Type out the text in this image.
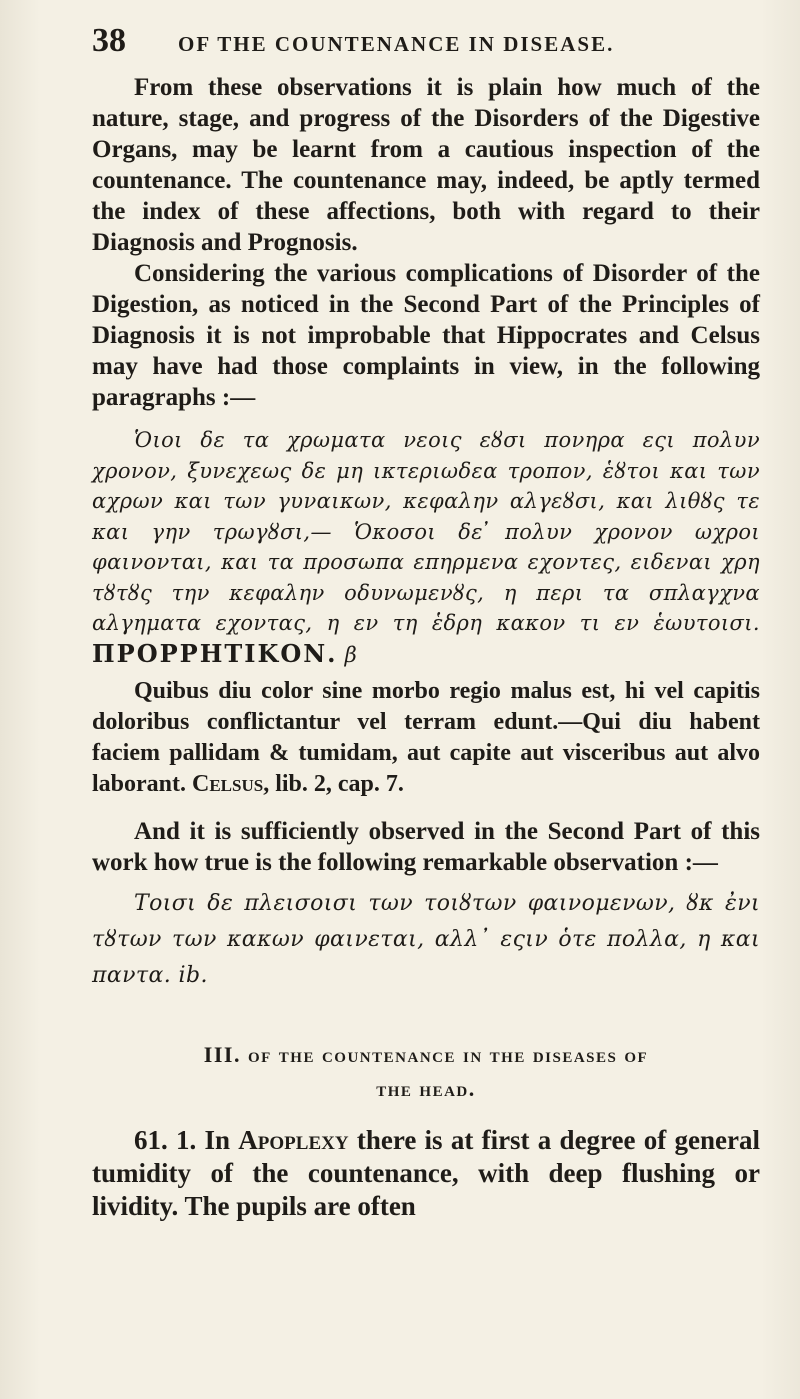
38	OF THE COUNTENANCE IN DISEASE.

From these observations it is plain how much of the nature, stage, and progress of the Disorders of the Digestive Organs, may be learnt from a cautious inspection of the countenance. The countenance may, indeed, be aptly termed the index of these affections, both with regard to their Diagnosis and Prognosis.

Considering the various complications of Disorder of the Digestion, as noticed in the Second Part of the Principles of Diagnosis it is not improbable that Hippocrates and Celsus may have had those complaints in view, in the following paragraphs :—

Ὁιοι δε τα χρωματα νεοις εȣσι πονηρα εςι πολυν χρονον, ξυνεχεως δε μη ικτεριωδεα τροπον, ἑȣτοι και των αχρων και των γυναικων, κεφαλην αλγεȣσι, και λιθȣς τε και γην τρωγȣσι,— Ὁκοσοι δε ̓πολυν χρονον ωχροι φαινονται, και τα προσωπα επηρμενα εχοντες, ειδεναι χρη τȣτȣς την κεφαλην οδυνωμενȣς, η περι τα σπλαγχνα αλγηματα εχοντας, η εν τη ἑδρη κακον τι εν ἑωυτοισι. ΠΡΟΡΡΗΤΙΚΟΝ. β

Quibus diu color sine morbo regio malus est, hi vel capitis doloribus conflictantur vel terram edunt.—Qui diu habent faciem pallidam & tumidam, aut capite aut visceribus aut alvo laborant. Celsus, lib. 2, cap. 7.

And it is sufficiently observed in the Second Part of this work how true is the following remarkable observation :—

Τοισι δε πλεισοισι των τοιȣτων φαινομενων, ȣκ ἐνι τȣτων των κακων φαινεται, αλλ᾽ εςιν ὁτε πολλα, η και παντα. ib.

III. of the countenance in the diseases of

the head.

61. 1. In Apoplexy there is at first a degree of general tumidity of the countenance, with deep flushing or lividity. The pupils are often
